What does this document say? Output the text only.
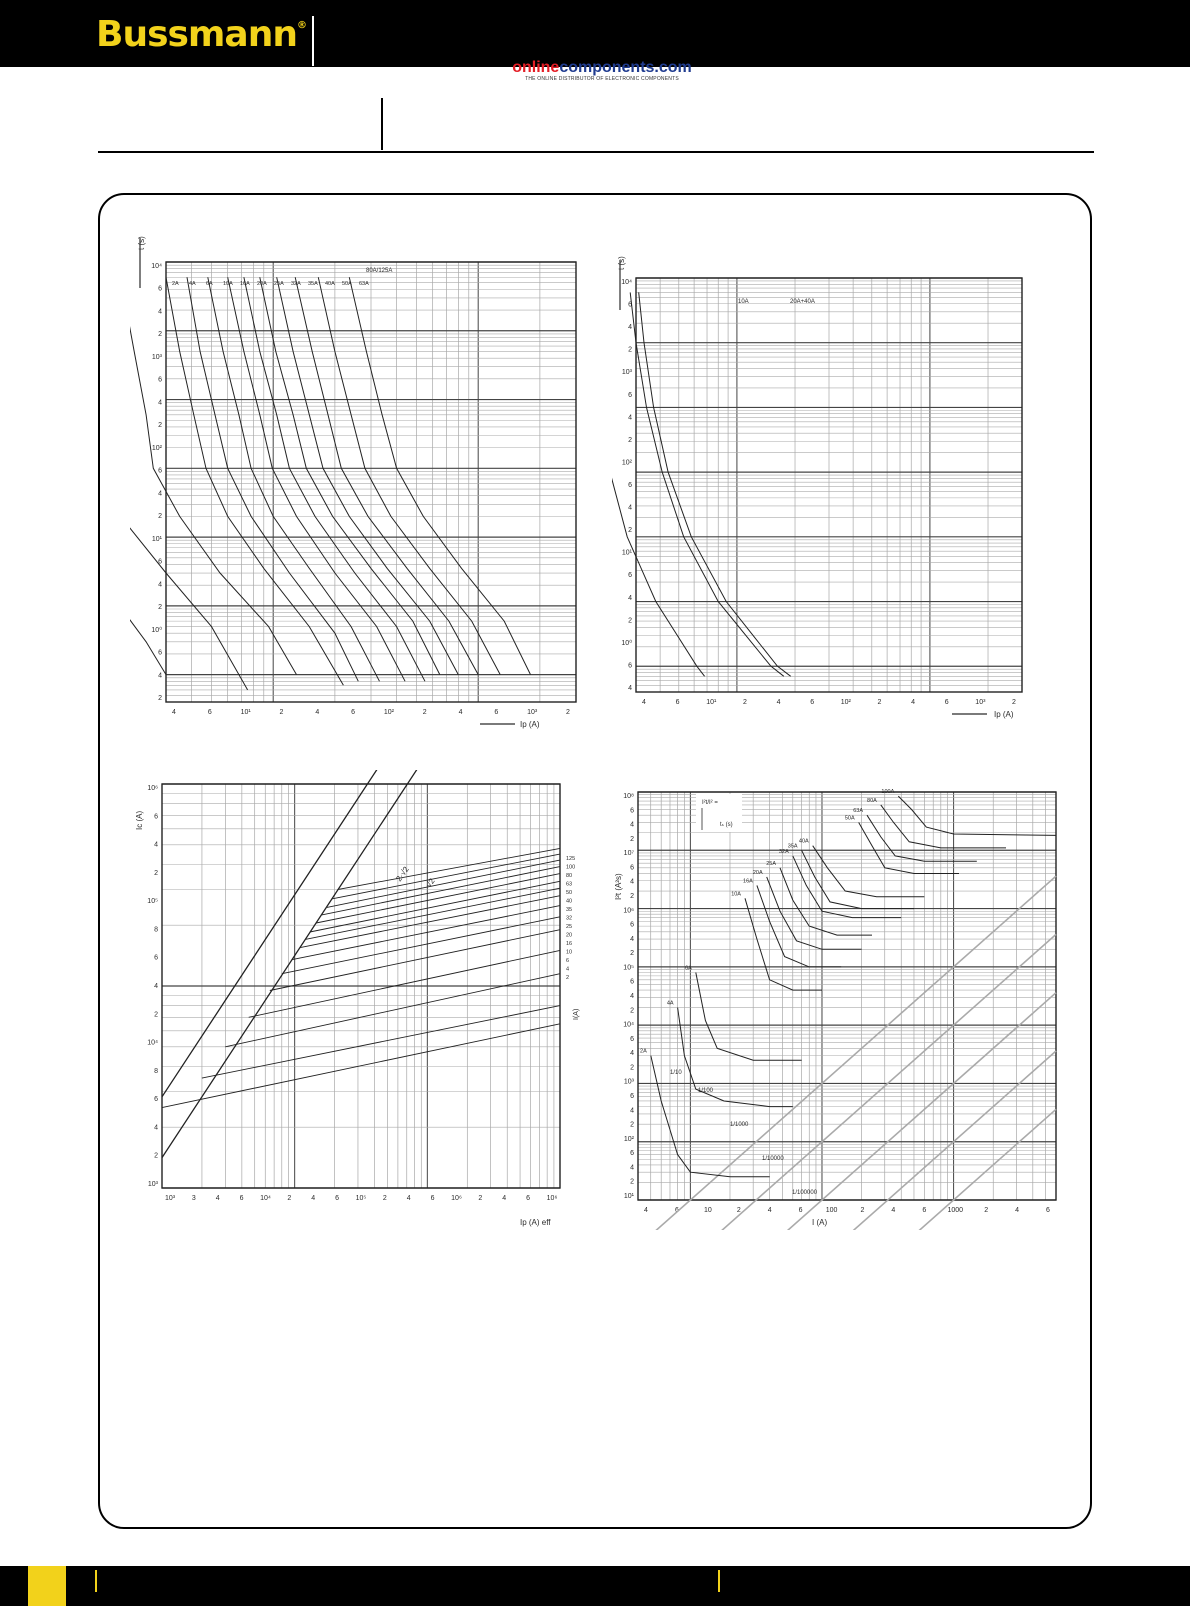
Bussmann®
onlinecomponents.com
THE ONLINE DISTRIBUTOR OF ELECTRONIC COMPONENTS
4	6	10¹	2	4	6	10²	2	4	6	10³	2
2
4
6
10⁰
2
4
6
10¹
2
4
6
10²
2
4
6
10³
2
4
6
10⁴
t (s)
Ip (A)
80A/125A
2A 4A 6A 10A 16A 20A 25A 32A 35A 40A 50A 63A
4	6	10¹	2	4	6	10²	2	4	6	10³	2
4
6
10⁰
2
4
6
10¹
2
4
6
10²
2
4
6
10³
2
4
6
10⁴
t (s)
Ip (A)
10A	20A+40A
10³ 3	4	6 10⁴ 2	4	6 10⁵ 2	4	6 10⁶ 2	4	6 10⁶
10³
2
4
6
8
10⁴
2
4
6
8
10⁵
2
4
6
10⁶
Ic (A)
Ip (A) eff
2·√2 √2
125
100
80
63
50
40
35
32
25
20
16
10
6
4
2
I(A)
4	6	10	2	4	6	100	2	4	6	1000	2	4	6
10¹
2
4
6
10²
2
4
6
10³
2
4
6
10⁴
2
4
6
10⁵
2
4
6
10⁶
2
4
6
10⁷
2
4
6
10⁸
I²t (A²s)
I (A)
1/10
1/100
1/1000
1/10000
1/100000
2A
4A
6A
10A
16A
20A
25A
32A
35A
40A
50A
63A
80A
100A
I²t/I² =
tₛ (s)
